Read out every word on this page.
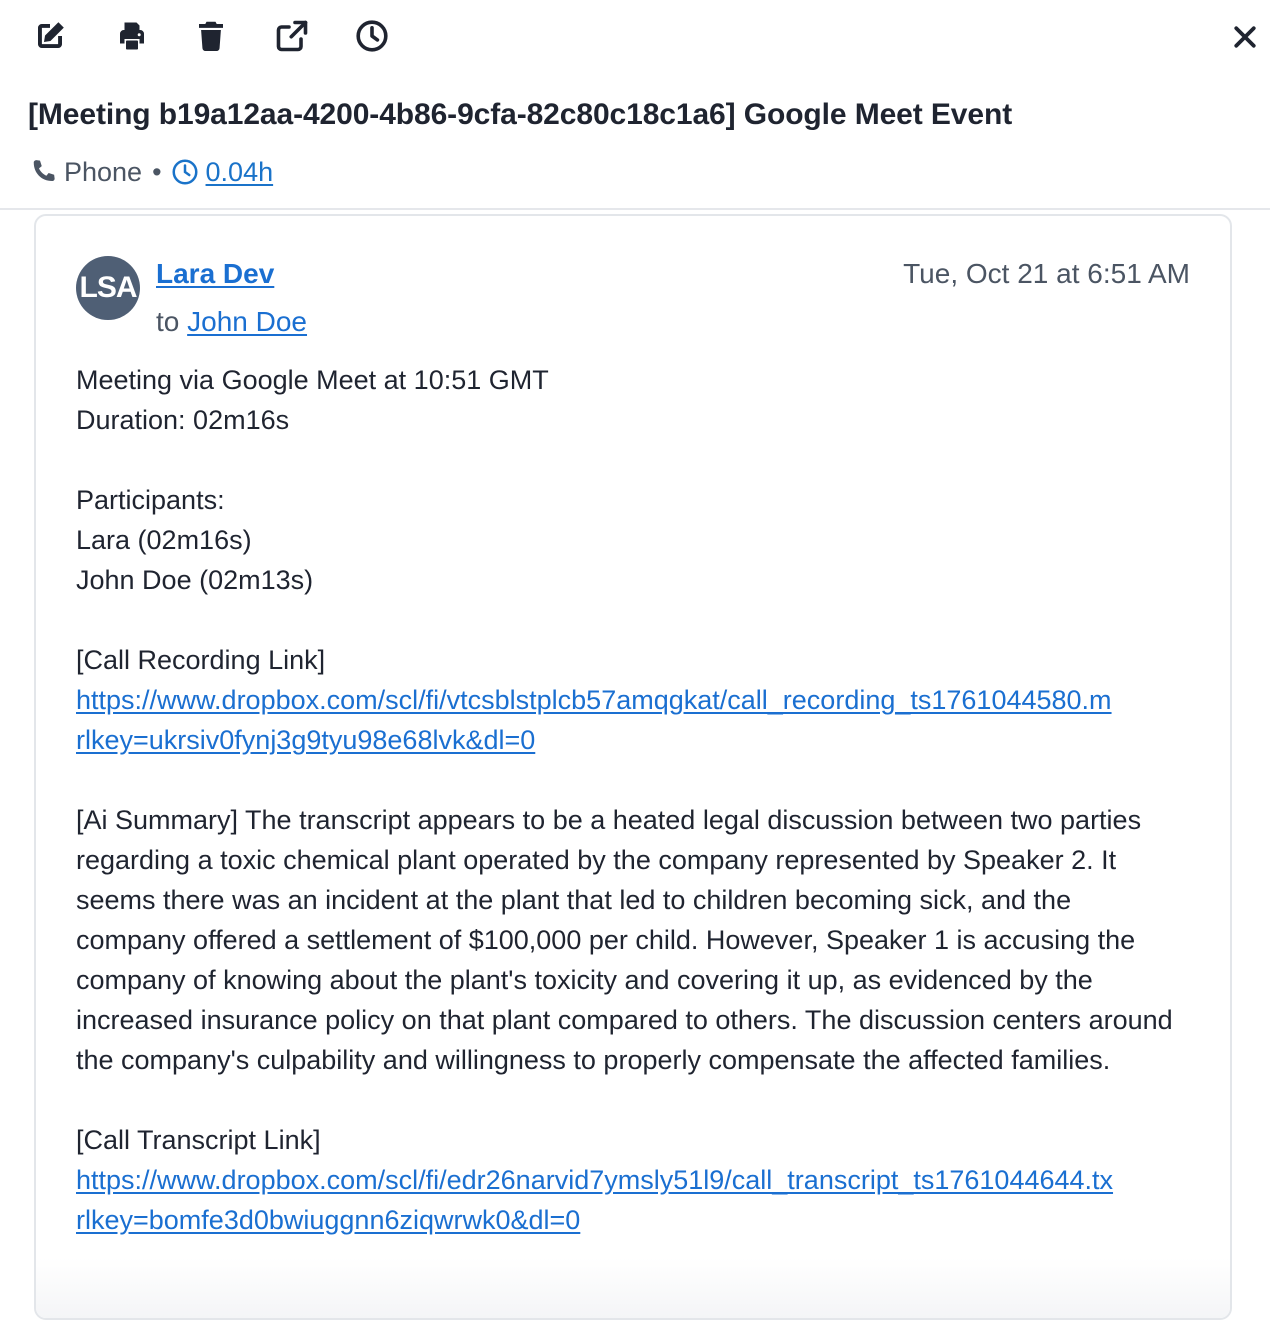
[Meeting b19a12aa-4200-4b86-9cfa-82c80c18c1a6] Google Meet Event
Phone • 0.04h
LSA Lara Dev
to John Doe
Tue, Oct 21 at 6:51 AM
Meeting via Google Meet at 10:51 GMT
Duration: 02m16s
Participants:
Lara (02m16s)
John Doe (02m13s)
[Call Recording Link]
https://www.dropbox.com/scl/fi/vtcsblstplcb57amqgkat/call_recording_ts1761044580.m
rlkey=ukrsiv0fynj3g9tyu98e68lvk&dl=0
[Ai Summary] The transcript appears to be a heated legal discussion between two parties regarding a toxic chemical plant operated by the company represented by Speaker 2. It seems there was an incident at the plant that led to children becoming sick, and the company offered a settlement of $100,000 per child. However, Speaker 1 is accusing the company of knowing about the plant's toxicity and covering it up, as evidenced by the increased insurance policy on that plant compared to others. The discussion centers around the company's culpability and willingness to properly compensate the affected families.
[Call Transcript Link]
https://www.dropbox.com/scl/fi/edr26narvid7ymsly51l9/call_transcript_ts1761044644.tx
rlkey=bomfe3d0bwiuggnn6ziqwrwk0&dl=0
